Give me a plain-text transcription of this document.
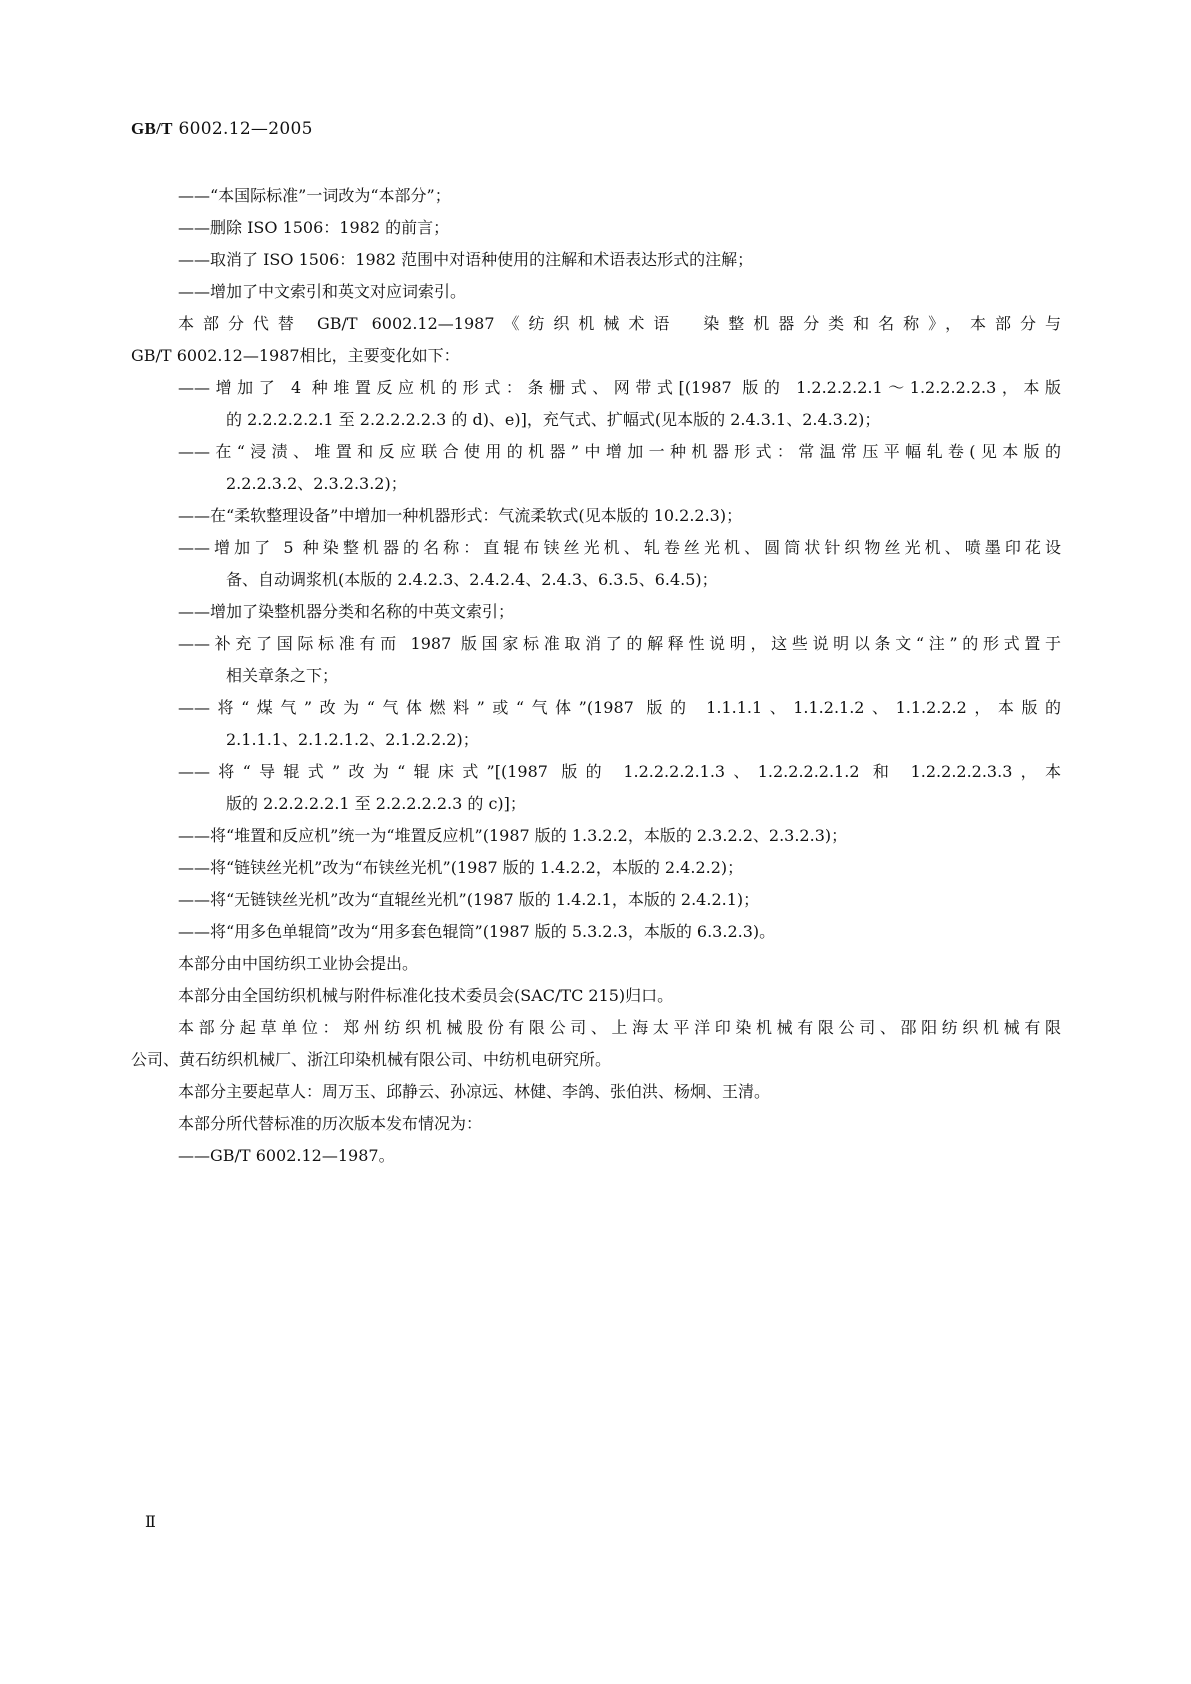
GB/T 6002.12—2005
——“本国际标准”一词改为“本部分”；
——删除 ISO 1506：1982 的前言；
——取消了 ISO 1506：1982 范围中对语种使用的注解和术语表达形式的注解；
——增加了中文索引和英文对应词索引。
本部分代替 GB/T 6002.12—1987《纺织机械术语　染整机器分类和名称》，本部分与
GB/T 6002.12—1987相比，主要变化如下：
——增加了 4 种堆置反应机的形式：条栅式、网带式[(1987 版的 1.2.2.2.2.1～1.2.2.2.2.3，本版
的 2.2.2.2.2.1 至 2.2.2.2.2.3 的 d)、e)]，充气式、扩幅式(见本版的 2.4.3.1、2.4.3.2)；
——在“浸渍、堆置和反应联合使用的机器”中增加一种机器形式：常温常压平幅轧卷(见本版的
2.2.2.3.2、2.3.2.3.2)；
——在“柔软整理设备”中增加一种机器形式：气流柔软式(见本版的 10.2.2.3)；
——增加了 5 种染整机器的名称：直辊布铗丝光机、轧卷丝光机、圆筒状针织物丝光机、喷墨印花设
备、自动调浆机(本版的 2.4.2.3、2.4.2.4、2.4.3、6.3.5、6.4.5)；
——增加了染整机器分类和名称的中英文索引；
——补充了国际标准有而 1987 版国家标准取消了的解释性说明，这些说明以条文“注”的形式置于
相关章条之下；
——将“煤气”改为“气体燃料”或“气体”(1987 版的 1.1.1.1、1.1.2.1.2、1.1.2.2.2，本版的
2.1.1.1、2.1.2.1.2、2.1.2.2.2)；
——将“导辊式”改为“辊床式”[(1987 版的 1.2.2.2.2.1.3、1.2.2.2.2.1.2 和 1.2.2.2.2.3.3，本
版的 2.2.2.2.2.1 至 2.2.2.2.2.3 的 c)]；
——将“堆置和反应机”统一为“堆置反应机”(1987 版的 1.3.2.2，本版的 2.3.2.2、2.3.2.3)；
——将“链铗丝光机”改为“布铗丝光机”(1987 版的 1.4.2.2，本版的 2.4.2.2)；
——将“无链铗丝光机”改为“直辊丝光机”(1987 版的 1.4.2.1，本版的 2.4.2.1)；
——将“用多色单辊筒”改为“用多套色辊筒”(1987 版的 5.3.2.3，本版的 6.3.2.3)。
本部分由中国纺织工业协会提出。
本部分由全国纺织机械与附件标准化技术委员会(SAC/TC 215)归口。
本部分起草单位：郑州纺织机械股份有限公司、上海太平洋印染机械有限公司、邵阳纺织机械有限
公司、黄石纺织机械厂、浙江印染机械有限公司、中纺机电研究所。
本部分主要起草人：周万玉、邱静云、孙凉远、林健、李鸽、张伯洪、杨炯、王清。
本部分所代替标准的历次版本发布情况为：
——GB/T 6002.12—1987。
Ⅱ
